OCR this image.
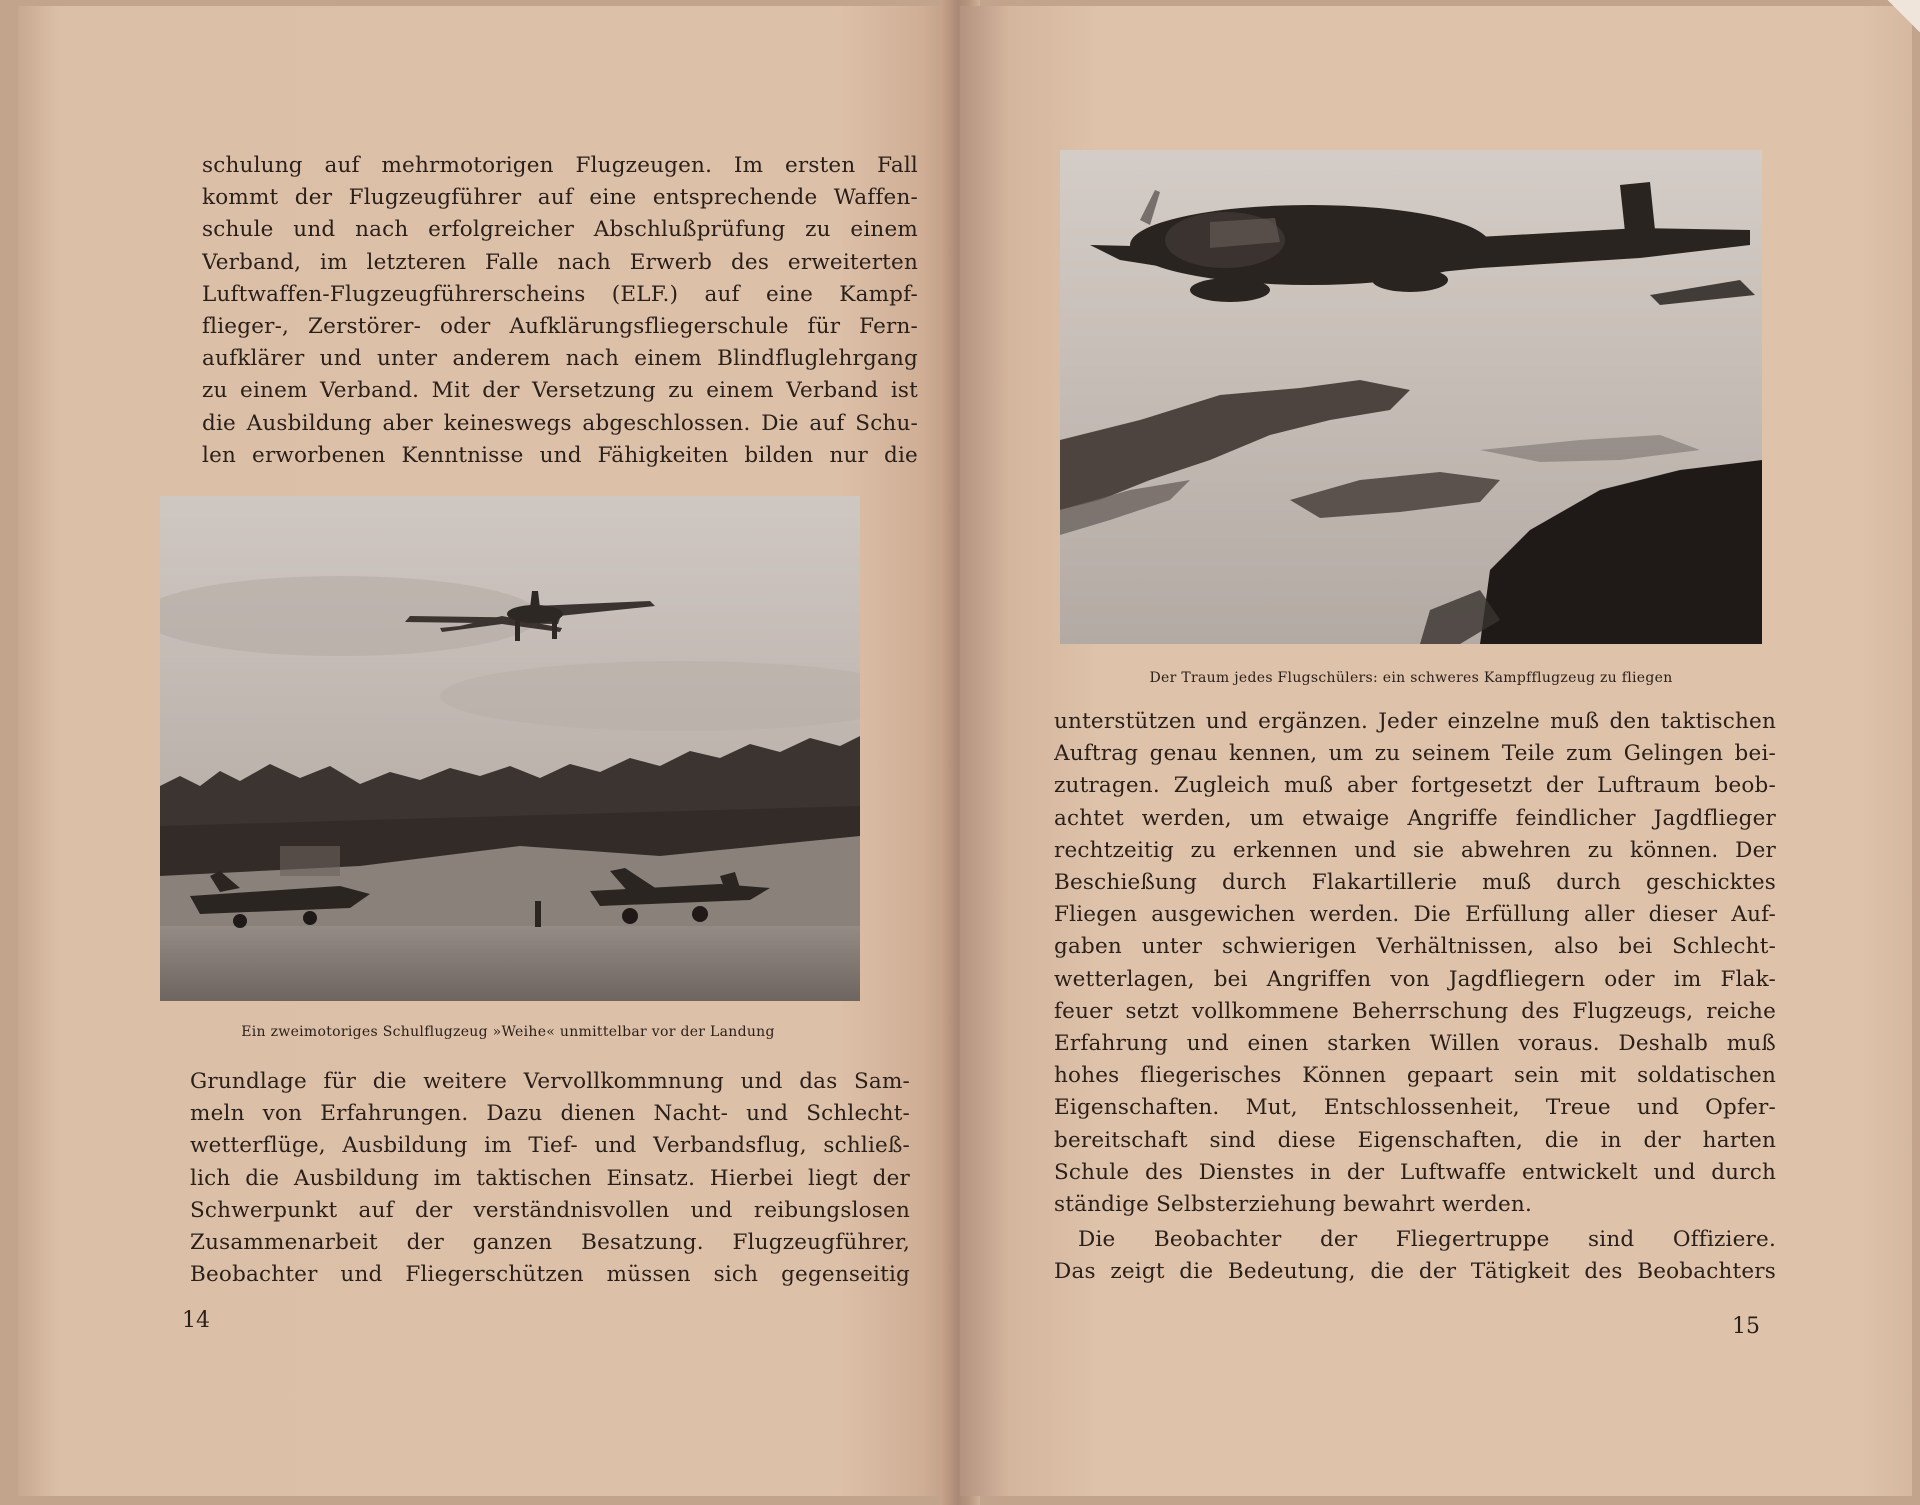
schulung auf mehrmotorigen Flugzeugen. Im ersten Fall
kommt der Flugzeugführer auf eine entsprechende Waffen-
schule und nach erfolgreicher Abschlußprüfung zu einem
Verband, im letzteren Falle nach Erwerb des erweiterten
Luftwaffen-Flugzeugführerscheins (ELF.) auf eine Kampf-
flieger-, Zerstörer- oder Aufklärungsfliegerschule für Fern-
aufklärer und unter anderem nach einem Blindfluglehrgang
zu einem Verband. Mit der Versetzung zu einem Verband ist
die Ausbildung aber keineswegs abgeschlossen. Die auf Schu-
len erworbenen Kenntnisse und Fähigkeiten bilden nur die
Ein zweimotoriges Schulflugzeug »Weihe« unmittelbar vor der Landung
Grundlage für die weitere Vervollkommnung und das Sam-
meln von Erfahrungen. Dazu dienen Nacht- und Schlecht-
wetterflüge, Ausbildung im Tief- und Verbandsflug, schließ-
lich die Ausbildung im taktischen Einsatz. Hierbei liegt der
Schwerpunkt auf der verständnisvollen und reibungslosen
Zusammenarbeit der ganzen Besatzung. Flugzeugführer,
Beobachter und Fliegerschützen müssen sich gegenseitig
14
Der Traum jedes Flugschülers: ein schweres Kampfflugzeug zu fliegen
unterstützen und ergänzen. Jeder einzelne muß den taktischen
Auftrag genau kennen, um zu seinem Teile zum Gelingen bei-
zutragen. Zugleich muß aber fortgesetzt der Luftraum beob-
achtet werden, um etwaige Angriffe feindlicher Jagdflieger
rechtzeitig zu erkennen und sie abwehren zu können. Der
Beschießung durch Flakartillerie muß durch geschicktes
Fliegen ausgewichen werden. Die Erfüllung aller dieser Auf-
gaben unter schwierigen Verhältnissen, also bei Schlecht-
wetterlagen, bei Angriffen von Jagdfliegern oder im Flak-
feuer setzt vollkommene Beherrschung des Flugzeugs, reiche
Erfahrung und einen starken Willen voraus. Deshalb muß
hohes fliegerisches Können gepaart sein mit soldatischen
Eigenschaften. Mut, Entschlossenheit, Treue und Opfer-
bereitschaft sind diese Eigenschaften, die in der harten
Schule des Dienstes in der Luftwaffe entwickelt und durch
ständige Selbsterziehung bewahrt werden.
Die Beobachter der Fliegertruppe sind Offiziere.
Das zeigt die Bedeutung, die der Tätigkeit des Beobachters
15
